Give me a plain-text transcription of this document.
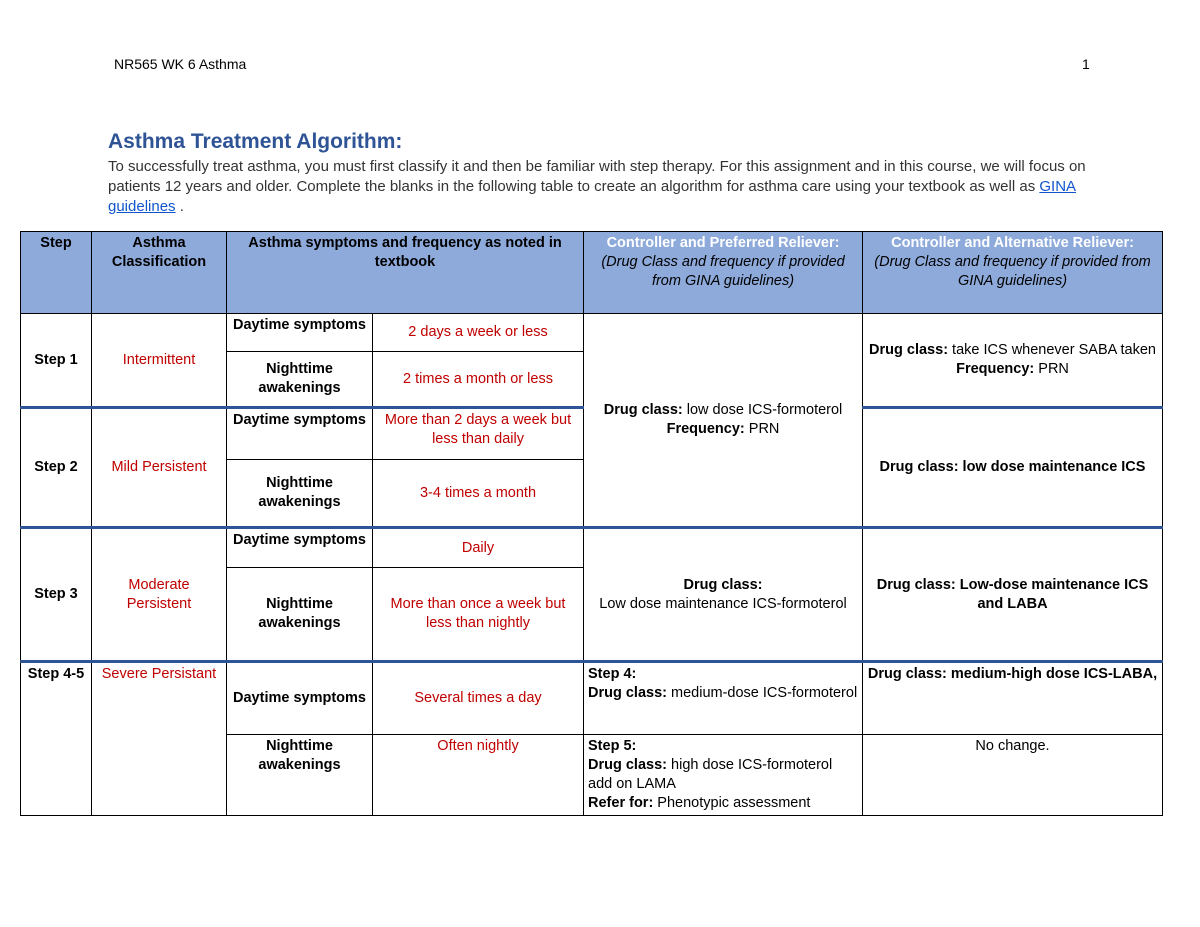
NR565 WK 6 Asthma	1
Asthma Treatment Algorithm:
To successfully treat asthma, you must first classify it and then be familiar with step therapy. For this assignment and in this course, we will focus on patients 12 years and older. Complete the blanks in the following table to create an algorithm for asthma care using your textbook as well as GINA guidelines .
Step	Asthma Classification	Asthma symptoms and frequency as noted in textbook		Controller and Preferred Reliever:
(Drug Class and frequency if provided from GINA guidelines)	Controller and Alternative Reliever:
(Drug Class and frequency if provided from GINA guidelines)

Step 1	Intermittent	Daytime symptoms	2 days a week or less	Drug class: low dose ICS-formoterol
Frequency: PRN	Drug class: take ICS whenever SABA taken
Frequency: PRN
		Nighttime awakenings	2 times a month or less		
Step 2	Mild Persistent	Daytime symptoms	More than 2 days a week but less than daily		Drug class: low dose maintenance ICS
		Nighttime awakenings	3-4 times a month		
Step 3	Moderate Persistent	Daytime symptoms	Daily	Drug class:
Low dose maintenance ICS-formoterol	Drug class: Low-dose maintenance ICS and LABA
		Nighttime awakenings	More than once a week but less than nightly		
Step 4-5	Severe Persistant	Daytime symptoms	Several times a day	Step 4:
Drug class: medium-dose ICS-formoterol	Drug class: medium-high dose ICS-LABA,
		Nighttime awakenings	Often nightly	Step 5:
Drug class: high dose ICS-formoterol add on LAMA
Refer for: Phenotypic assessment	No change.
